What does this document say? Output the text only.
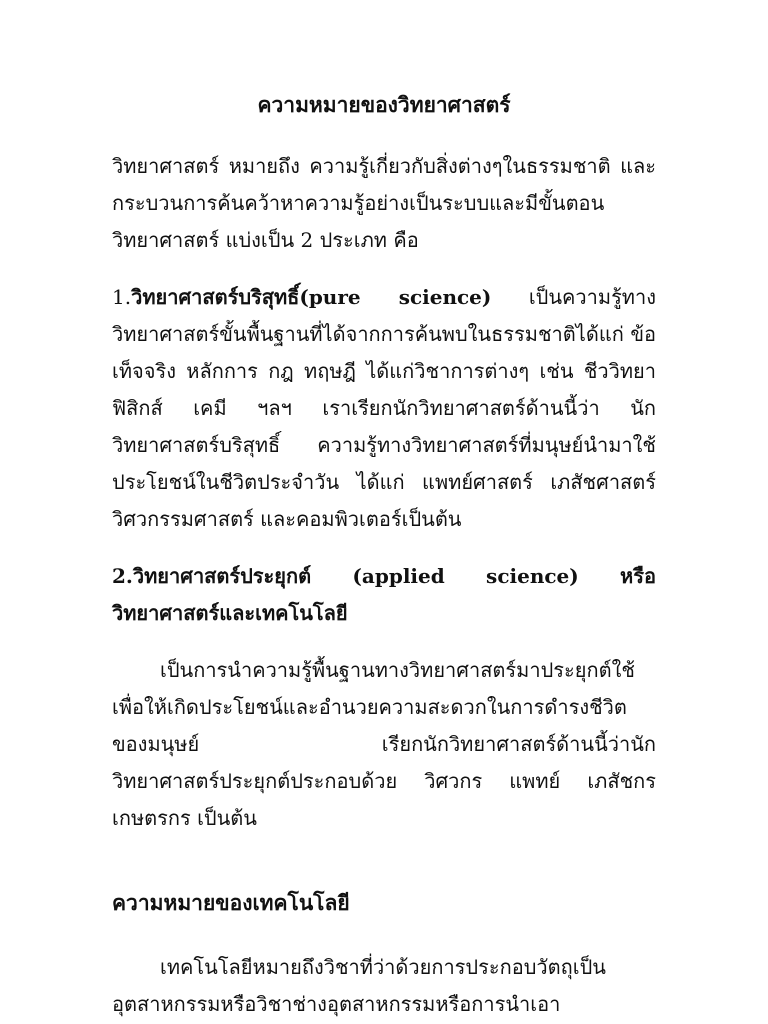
ความหมายของวิทยาศาสตร์

วิทยาศาสตร์ หมายถึง ความรู้เกี่ยวกับสิ่งต่างๆในธรรมชาติ และกระบวนการค้นคว้าหาความรู้อย่างเป็นระบบและมีขั้นตอน วิทยาศาสตร์ แบ่งเป็น 2 ประเภท คือ

1.วิทยาศาสตร์บริสุทธิ์(pure science) เป็นความรู้ทางวิทยาศาสตร์ขั้นพื้นฐานที่ได้จากการค้นพบในธรรมชาติได้แก่ ข้อเท็จจริง หลักการ กฎ ทฤษฎี ได้แก่วิชาการต่างๆ เช่น ชีววิทยา ฟิสิกส์ เคมี ฯลฯ เราเรียกนักวิทยาศาสตร์ด้านนี้ว่า นักวิทยาศาสตร์บริสุทธิ์ ความรู้ทางวิทยาศาสตร์ที่มนุษย์นำมาใช้ประโยชน์ในชีวิตประจำวัน ได้แก่ แพทย์ศาสตร์ เภสัชศาสตร์ วิศวกรรมศาสตร์ และคอมพิวเตอร์เป็นต้น

2.วิทยาศาสตร์ประยุกต์ (applied science) หรือวิทยาศาสตร์และเทคโนโลยี

เป็นการนำความรู้พื้นฐานทางวิทยาศาสตร์มาประยุกต์ใช้เพื่อให้เกิดประโยชน์และอำนวยความสะดวกในการดำรงชีวิตของมนุษย์ เรียกนักวิทยาศาสตร์ด้านนี้ว่านักวิทยาศาสตร์ประยุกต์ประกอบด้วย วิศวกร แพทย์ เภสัชกร เกษตรกร เป็นต้น

ความหมายของเทคโนโลยี

เทคโนโลยีหมายถึงวิชาที่ว่าด้วยการประกอบวัตถุเป็นอุตสาหกรรมหรือวิชาช่างอุตสาหกรรมหรือการนำเอา
